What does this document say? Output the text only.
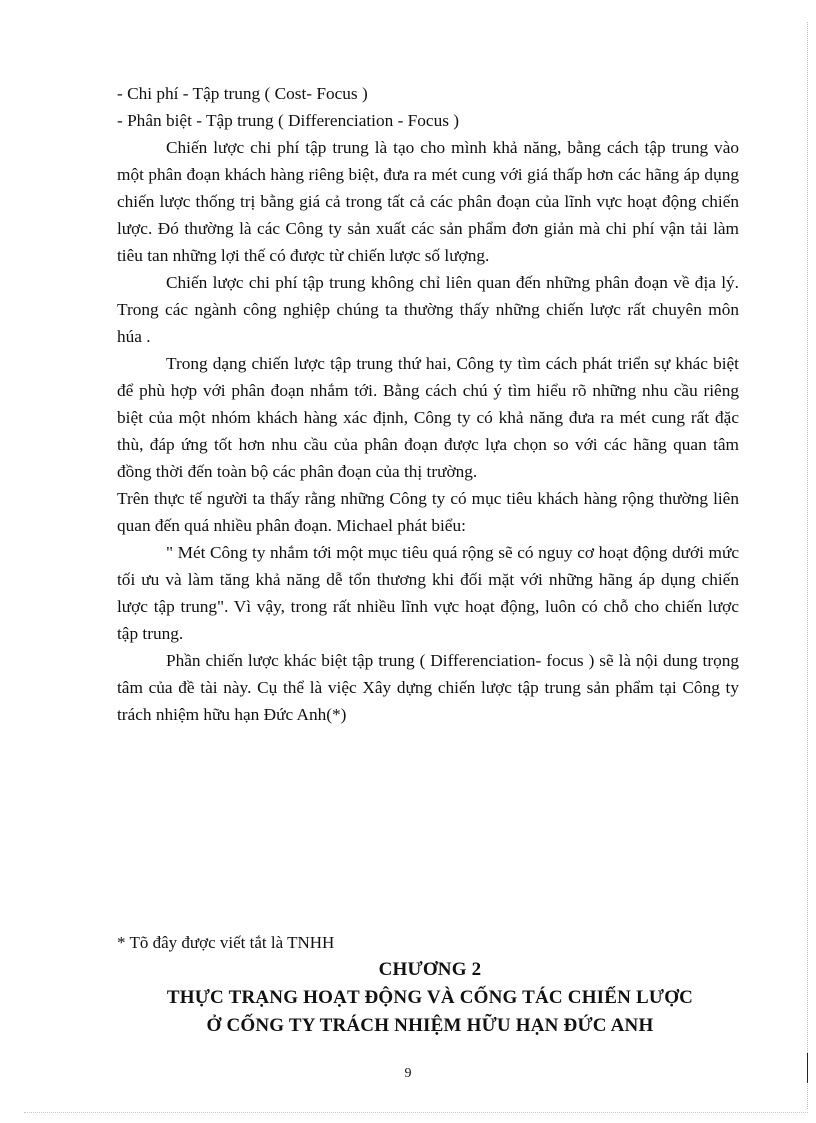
- Chi phí - Tập trung ( Cost- Focus )

- Phân biệt - Tập trung ( Differenciation - Focus )

Chiến lược chi phí tập trung là tạo cho mình khả năng, bằng cách tập trung vào một phân đoạn khách hàng riêng biệt, đưa ra mét cung với giá thấp hơn các hãng áp dụng chiến lược thống trị bằng giá cả trong tất cả các phân đoạn của lĩnh vực hoạt động chiến lược. Đó thường là các Công ty sản xuất các sản phẩm đơn giản mà chi phí vận tải làm tiêu tan những lợi thế có được từ chiến lược số lượng.

Chiến lược chi phí tập trung không chỉ liên quan đến những phân đoạn về địa lý. Trong các ngành công nghiệp chúng ta thường thấy những chiến lược rất chuyên môn húa .

Trong dạng chiến lược tập trung thứ hai, Công ty tìm cách phát triển sự khác biệt để phù hợp với phân đoạn nhắm tới. Bằng cách chú ý tìm hiểu rõ những nhu cầu riêng biệt của một nhóm khách hàng xác định, Công ty có khả năng đưa ra mét cung rất đặc thù, đáp ứng tốt hơn nhu cầu của phân đoạn được lựa chọn so với các hãng quan tâm đồng thời đến toàn bộ các phân đoạn của thị trường.

Trên thực tế người ta thấy rằng những Công ty có mục tiêu khách hàng rộng thường liên quan đến quá nhiều phân đoạn. Michael phát biểu:

" Mét Công ty nhắm tới một mục tiêu quá rộng sẽ có nguy cơ hoạt động dưới mức tối ưu và làm tăng khả năng dễ tổn thương khi đối mặt với những hãng áp dụng chiến lược tập trung". Vì vậy, trong rất nhiều lĩnh vực hoạt động, luôn có chỗ cho chiến lược tập trung.

Phần chiến lược khác biệt tập trung ( Differenciation- focus ) sẽ là nội dung trọng tâm của đề tài này. Cụ thể là việc Xây dựng chiến lược tập trung sản phẩm tại Công ty trách nhiệm hữu hạn Đức Anh(*)

* Tõ đây được viết tắt là TNHH
CHƯƠNG 2
THỰC TRẠNG HOẠT ĐỘNG VÀ CỐNG TÁC CHIẾN LƯỢC
Ở CỐNG TY TRÁCH NHIỆM HỮU HẠN ĐỨC ANH
9
